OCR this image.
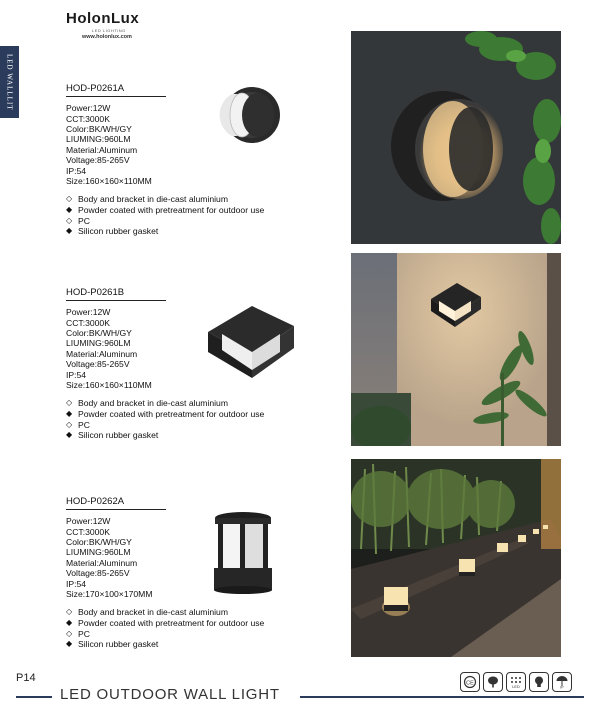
HolonLux
LED LIGHTING
www.holonlux.com
LED WALLLIT	HOD-P0261A
Power:12W
CCT:3000K
Color:BK/WH/GY
LIUMING:960LM
Material:Aluminum
Voltage:85-265V
IP:54
Size:160×160×110MM
◇ Body and bracket in die-cast aluminium
◆ Powder coated with pretreatment for outdoor use
◇ PC
◆ Silicon rubber gasket
HOD-P0261B
Power:12W
CCT:3000K
Color:BK/WH/GY
LIUMING:960LM
Material:Aluminum
Voltage:85-265V
IP:54
Size:160×160×110MM
◇ Body and bracket in die-cast aluminium
◆ Powder coated with pretreatment for outdoor use
◇ PC
◆ Silicon rubber gasket
HOD-P0262A
Power:12W
CCT:3000K
Color:BK/WH/GY
LIUMING:960LM
Material:Aluminum
Voltage:85-265V
IP:54
Size:170×100×170MM
◇ Body and bracket in die-cast aluminium
◆ Powder coated with pretreatment for outdoor use
◇ PC
◆ Silicon rubber gasket
P14
LED OUTDOOR WALL LIGHT
CE
LED	IP
